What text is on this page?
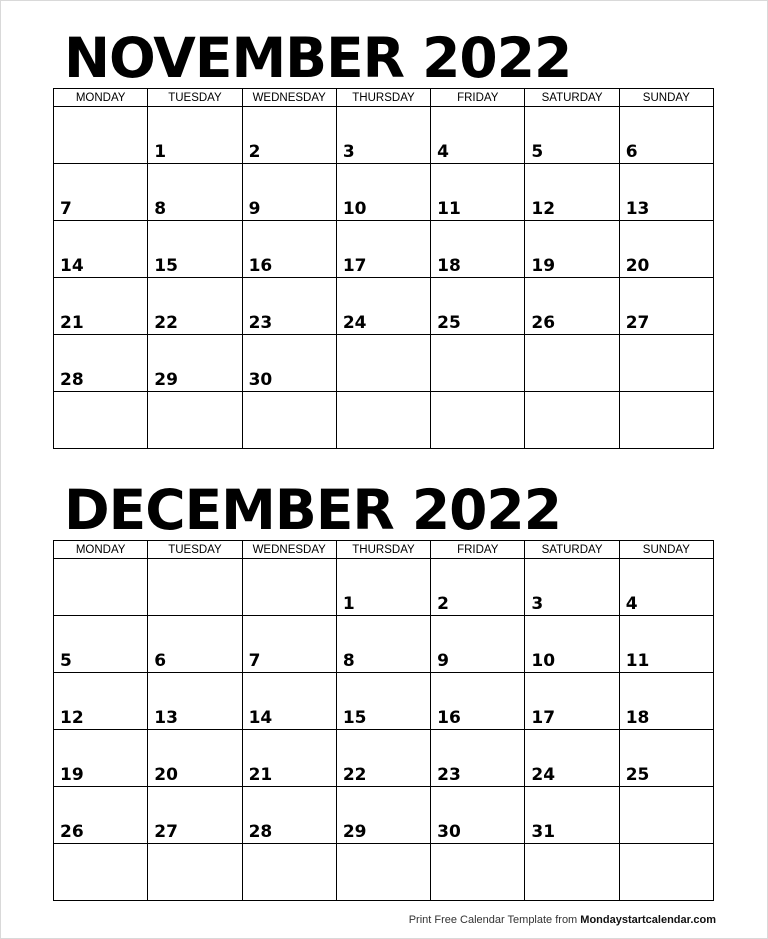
NOVEMBER 2022
MONDAY	TUESDAY	WEDNESDAY	THURSDAY	FRIDAY	SATURDAY	SUNDAY

	1	2	3	4	5	6

7	8	9	10	11	12	13

14	15	16	17	18	19	20

21	22	23	24	25	26	27

28	29	30				

DECEMBER 2022
MONDAY	TUESDAY	WEDNESDAY	THURSDAY	FRIDAY	SATURDAY	SUNDAY

			1	2	3	4

5	6	7	8	9	10	11

12	13	14	15	16	17	18

19	20	21	22	23	24	25

26	27	28	29	30	31	

Print Free Calendar Template from Mondaystartcalendar.com
